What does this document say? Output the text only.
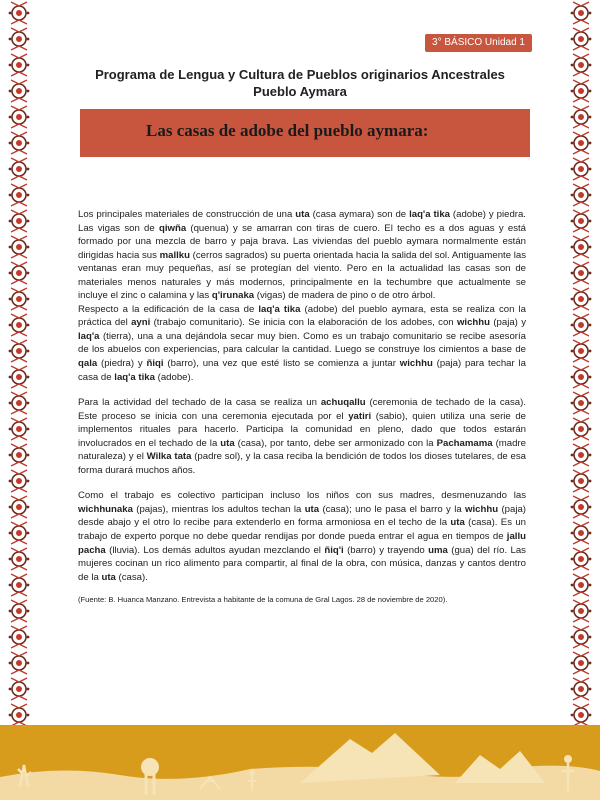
3° BÁSICO Unidad 1
Programa de Lengua y Cultura de Pueblos originarios Ancestrales
Pueblo Aymara
Las casas de adobe del pueblo aymara:

Los principales materiales de construcción de una uta (casa aymara) son de laq'a tika (adobe) y piedra. Las vigas son de qiwña (quenua) y se amarran con tiras de cuero. El techo es a dos aguas y está formado por una mezcla de barro y paja brava. Las viviendas del pueblo aymara normalmente están dirigidas hacia sus mallku (cerros sagrados) su puerta orientada hacia la salida del sol. Antiguamente las ventanas eran muy pequeñas, así se protegían del viento. Pero en la actualidad las casas son de materiales menos naturales y más modernos, principalmente en la techumbre que actualmente se incluye el zinc o calamina y las q'irunaka (vigas) de madera de pino o de otro árbol.

Respecto a la edificación de la casa de laq'a tika (adobe) del pueblo aymara, esta se realiza con la práctica del ayni (trabajo comunitario). Se inicia con la elaboración de los adobes, con wichhu (paja) y laq'a (tierra), una a una dejándola secar muy bien. Como es un trabajo comunitario se recibe asesoría de los abuelos con experiencias, para calcular la cantidad. Luego se construye los cimientos a base de qala (piedra) y ñiqi (barro), una vez que esté listo se comienza a juntar wichhu (paja) para techar la casa de laq'a tika (adobe).

Para la actividad del techado de la casa se realiza un achuqallu (ceremonia de techado de la casa). Este proceso se inicia con una ceremonia ejecutada por el yatiri (sabio), quien utiliza una serie de implementos rituales para hacerlo. Participa la comunidad en pleno, dado que todos estarán involucrados en el techado de la uta (casa), por tanto, debe ser armonizado con la Pachamama (madre naturaleza) y el Wilka tata (padre sol), y la casa reciba la bendición de todos los dioses tutelares, de esa forma durará muchos años.

Como el trabajo es colectivo participan incluso los niños con sus madres, desmenuzando las wichhunaka (pajas), mientras los adultos techan la uta (casa); uno le pasa el barro y la wichhu (paja) desde abajo y el otro lo recibe para extenderlo en forma armoniosa en el techo de la uta (casa). Es un trabajo de experto porque no debe quedar rendijas por donde pueda entrar el agua en tiempos de jallu pacha (lluvia). Los demás adultos ayudan mezclando el ñiq'i (barro) y trayendo uma (gua) del río. Las mujeres cocinan un rico alimento para compartir, al final de la obra, con música, danzas y cantos dentro de la uta (casa).

(Fuente: B. Huanca Manzano. Entrevista a habitante de la comuna de Gral Lagos. 28 de noviembre de 2020).
